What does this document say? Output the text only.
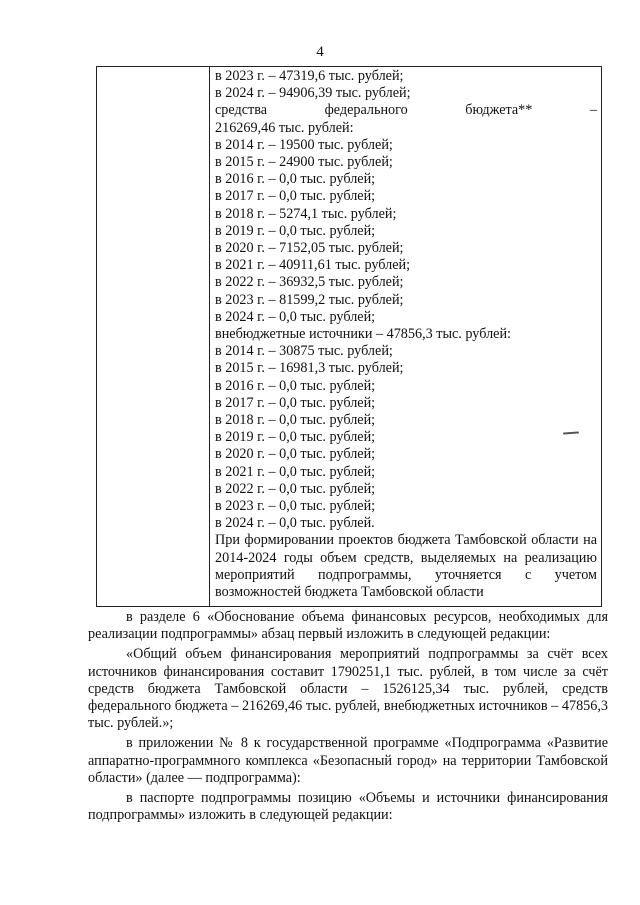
4
в 2023 г. – 47319,6 тыс. рублей;
в 2024 г. – 94906,39 тыс. рублей;
средства	федерального	бюджета**	–
216269,46 тыс. рублей:
в 2014 г. – 19500 тыс. рублей;
в 2015 г. – 24900 тыс. рублей;
в 2016 г. – 0,0 тыс. рублей;
в 2017 г. – 0,0 тыс. рублей;
в 2018 г. – 5274,1 тыс. рублей;
в 2019 г. – 0,0 тыс. рублей;
в 2020 г. – 7152,05 тыс. рублей;
в 2021 г. – 40911,61 тыс. рублей;
в 2022 г. – 36932,5 тыс. рублей;
в 2023 г. – 81599,2 тыс. рублей;
в 2024 г. – 0,0 тыс. рублей;
внебюджетные источники – 47856,3 тыс. рублей:
в 2014 г. – 30875 тыс. рублей;
в 2015 г. – 16981,3 тыс. рублей;
в 2016 г. – 0,0 тыс. рублей;
в 2017 г. – 0,0 тыс. рублей;
в 2018 г. – 0,0 тыс. рублей;
в 2019 г. – 0,0 тыс. рублей;
в 2020 г. – 0,0 тыс. рублей;
в 2021 г. – 0,0 тыс. рублей;
в 2022 г. – 0,0 тыс. рублей;
в 2023 г. – 0,0 тыс. рублей;
в 2024 г. – 0,0 тыс. рублей.
При формировании проектов бюджета Тамбовской области на 2014-2024 годы объем средств, выделяемых на реализацию мероприятий подпрограммы, уточняется с учетом возможностей бюджета Тамбовской области

в разделе 6 «Обоснование объема финансовых ресурсов, необходимых для реализации подпрограммы» абзац первый изложить в следующей редакции:

«Общий объем финансирования мероприятий подпрограммы за счёт всех источников финансирования составит 1790251,1 тыс. рублей, в том числе за счёт средств бюджета Тамбовской области – 1526125,34 тыс. рублей, средств федерального бюджета – 216269,46 тыс. рублей, внебюджетных источников – 47856,3 тыс. рублей.»;

в приложении № 8 к государственной программе «Подпрограмма «Развитие аппаратно-программного комплекса «Безопасный город» на территории Тамбовской области» (далее — подпрограмма):

в паспорте подпрограммы позицию «Объемы и источники финансирования подпрограммы» изложить в следующей редакции:
